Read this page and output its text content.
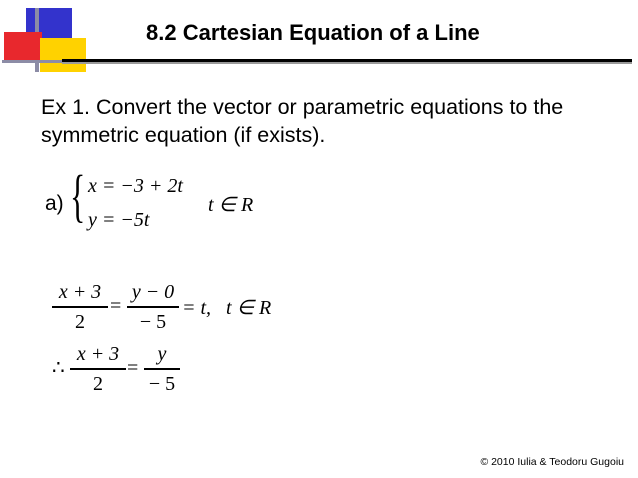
8.2 Cartesian Equation of a Line
Ex 1. Convert the vector or parametric equations to the symmetric equation (if exists).
a) { x = −3 + 2t
y = −5t
t ∈ R
x + 3
2
=
y − 0
− 5
= t,   t ∈ R
∴
x + 3
2
=
y
− 5
© 2010 Iulia & Teodoru Gugoiu
